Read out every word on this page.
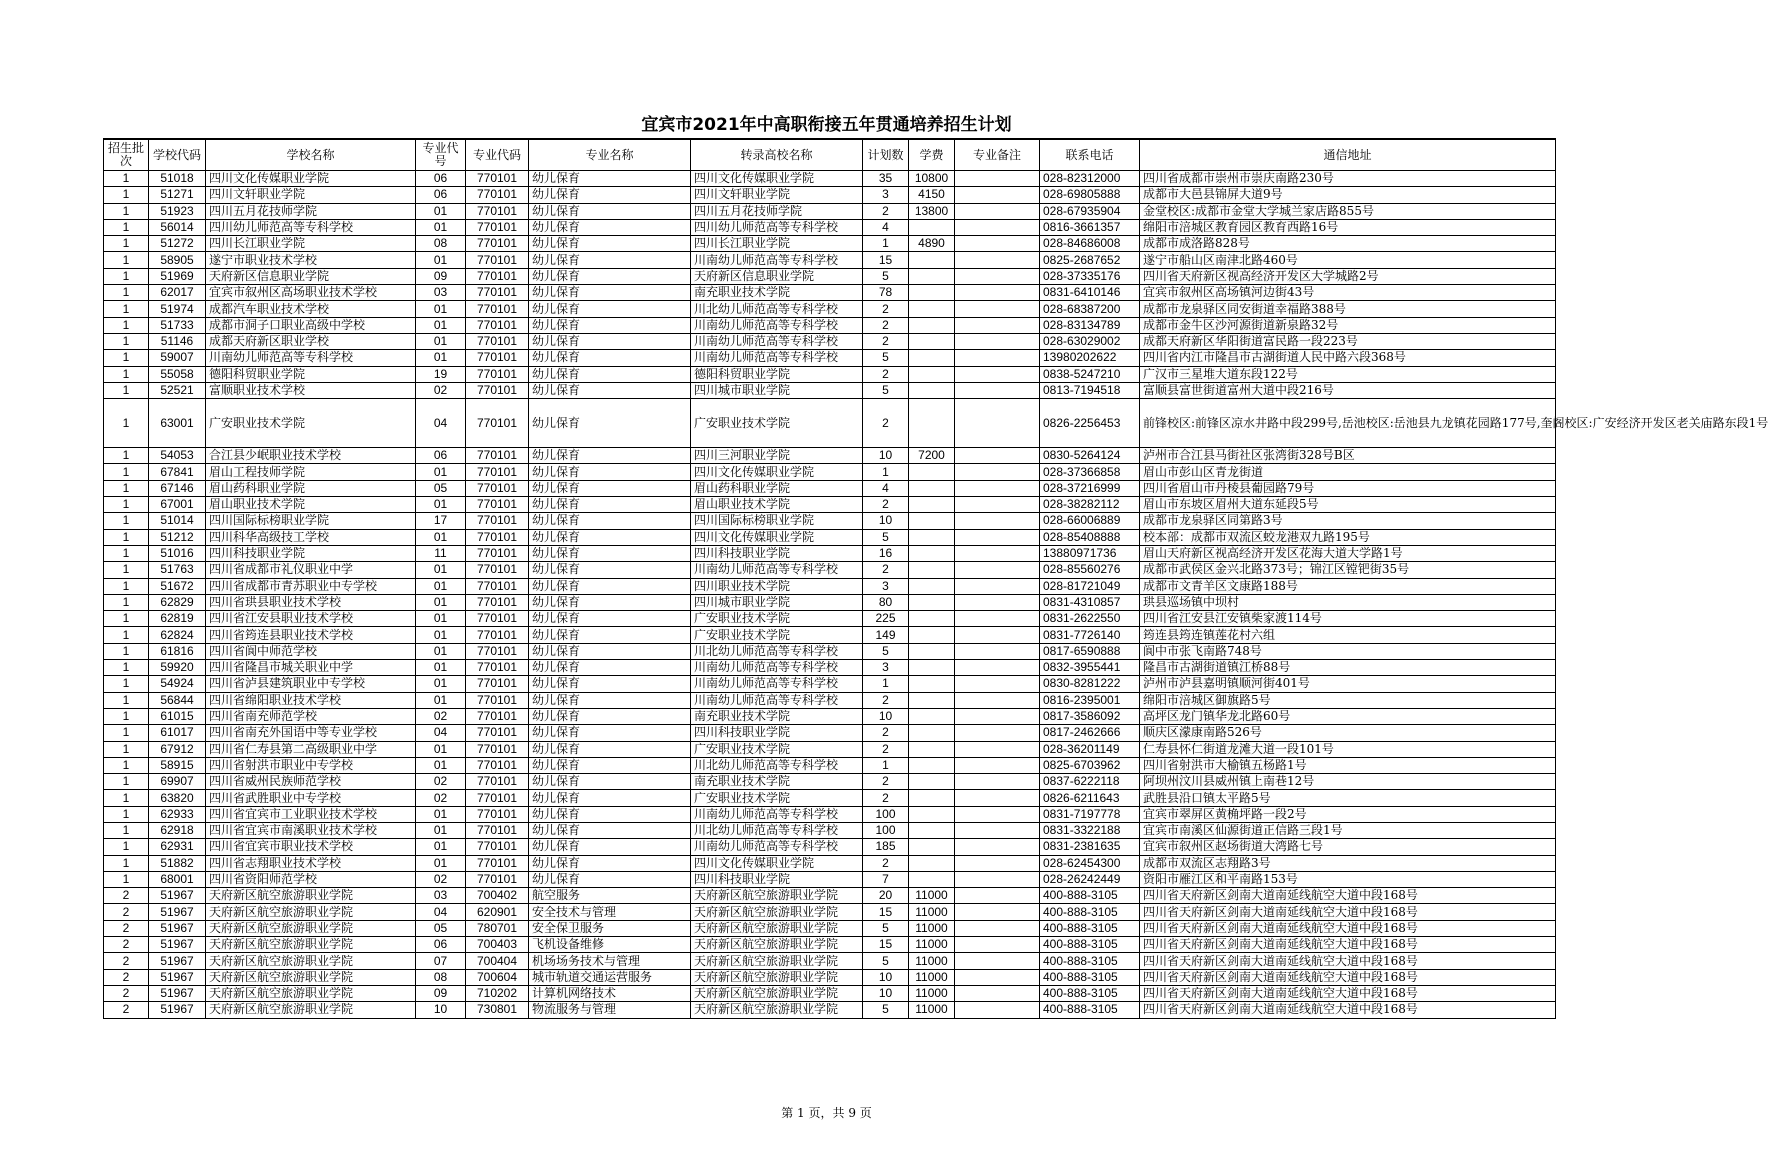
宜宾市2021年中高职衔接五年贯通培养招生计划
招生批次	学校代码	学校名称	专业代号	专业代码	专业名称	转录高校名称	计划数	学费	专业备注	联系电话	通信地址
1	51018	四川文化传媒职业学院	06	770101	幼儿保育	四川文化传媒职业学院	35	10800		028-82312000	四川省成都市崇州市崇庆南路230号
1	51271	四川文轩职业学院	06	770101	幼儿保育	四川文轩职业学院	3	4150		028-69805888	成都市大邑县锦屏大道9号
1	51923	四川五月花技师学院	01	770101	幼儿保育	四川五月花技师学院	2	13800		028-67935904	金堂校区:成都市金堂大学城兰家店路855号
1	56014	四川幼儿师范高等专科学校	01	770101	幼儿保育	四川幼儿师范高等专科学校	4			0816-3661357	绵阳市涪城区教育园区教育西路16号
1	51272	四川长江职业学院	08	770101	幼儿保育	四川长江职业学院	1	4890		028-84686008	成都市成洛路828号
1	58905	遂宁市职业技术学校	01	770101	幼儿保育	川南幼儿师范高等专科学校	15			0825-2687652	遂宁市船山区南津北路460号
1	51969	天府新区信息职业学院	09	770101	幼儿保育	天府新区信息职业学院	5			028-37335176	四川省天府新区视高经济开发区大学城路2号
1	62017	宜宾市叙州区高场职业技术学校	03	770101	幼儿保育	南充职业技术学院	78			0831-6410146	宜宾市叙州区高场镇河边街43号
1	51974	成都汽车职业技术学校	01	770101	幼儿保育	川北幼儿师范高等专科学校	2			028-68387200	成都市龙泉驿区同安街道幸福路388号
1	51733	成都市洞子口职业高级中学校	01	770101	幼儿保育	川南幼儿师范高等专科学校	2			028-83134789	成都市金牛区沙河源街道新泉路32号
1	51146	成都天府新区职业学校	01	770101	幼儿保育	川南幼儿师范高等专科学校	2			028-63029002	成都天府新区华阳街道富民路一段223号
1	59007	川南幼儿师范高等专科学校	01	770101	幼儿保育	川南幼儿师范高等专科学校	5			13980202622	四川省内江市隆昌市古湖街道人民中路六段368号
1	55058	德阳科贸职业学院	19	770101	幼儿保育	德阳科贸职业学院	2			0838-5247210	广汉市三星堆大道东段122号
1	52521	富顺职业技术学校	02	770101	幼儿保育	四川城市职业学院	5			0813-7194518	富顺县富世街道富州大道中段216号
1	63001	广安职业技术学院	04	770101	幼儿保育	广安职业技术学院	2			0826-2256453	前锋校区:前锋区凉水井路中段299号,岳池校区:岳池县九龙镇花园路177号,奎阁校区:广安经济开发区老关庙路东段1号
1	54053	合江县少岷职业技术学校	06	770101	幼儿保育	四川三河职业学院	10	7200		0830-5264124	泸州市合江县马街社区张湾街328号B区
1	67841	眉山工程技师学院	01	770101	幼儿保育	四川文化传媒职业学院	1			028-37366858	眉山市彭山区青龙街道
1	67146	眉山药科职业学院	05	770101	幼儿保育	眉山药科职业学院	4			028-37216999	四川省眉山市丹棱县葡园路79号
1	67001	眉山职业技术学院	01	770101	幼儿保育	眉山职业技术学院	2			028-38282112	眉山市东坡区眉州大道东延段5号
1	51014	四川国际标榜职业学院	17	770101	幼儿保育	四川国际标榜职业学院	10			028-66006889	成都市龙泉驿区同第路3号
1	51212	四川科华高级技工学校	01	770101	幼儿保育	四川文化传媒职业学院	5			028-85408888	校本部：成都市双流区蛟龙港双九路195号
1	51016	四川科技职业学院	11	770101	幼儿保育	四川科技职业学院	16			13880971736	眉山天府新区视高经济开发区花海大道大学路1号
1	51763	四川省成都市礼仪职业中学	01	770101	幼儿保育	川南幼儿师范高等专科学校	2			028-85560276	成都市武侯区金兴北路373号；锦江区镗钯街35号
1	51672	四川省成都市青苏职业中专学校	01	770101	幼儿保育	四川职业技术学院	3			028-81721049	成都市文青羊区文康路188号
1	62829	四川省珙县职业技术学校	01	770101	幼儿保育	四川城市职业学院	80			0831-4310857	珙县巡场镇中坝村
1	62819	四川省江安县职业技术学校	01	770101	幼儿保育	广安职业技术学院	225			0831-2622550	四川省江安县江安镇柴家渡114号
1	62824	四川省筠连县职业技术学校	01	770101	幼儿保育	广安职业技术学院	149			0831-7726140	筠连县筠连镇莲花村六组
1	61816	四川省阆中师范学校	01	770101	幼儿保育	川北幼儿师范高等专科学校	5			0817-6590888	阆中市张飞南路748号
1	59920	四川省隆昌市城关职业中学	01	770101	幼儿保育	川南幼儿师范高等专科学校	3			0832-3955441	隆昌市古湖街道镇江桥88号
1	54924	四川省泸县建筑职业中专学校	01	770101	幼儿保育	川南幼儿师范高等专科学校	1			0830-8281222	泸州市泸县嘉明镇顺河街401号
1	56844	四川省绵阳职业技术学校	01	770101	幼儿保育	川南幼儿师范高等专科学校	2			0816-2395001	绵阳市涪城区御旗路5号
1	61015	四川省南充师范学校	02	770101	幼儿保育	南充职业技术学院	10			0817-3586092	高坪区龙门镇华龙北路60号
1	61017	四川省南充外国语中等专业学校	04	770101	幼儿保育	四川科技职业学院	2			0817-2462666	顺庆区濛康南路526号
1	67912	四川省仁寿县第二高级职业中学	01	770101	幼儿保育	广安职业技术学院	2			028-36201149	仁寿县怀仁街道龙滩大道一段101号
1	58915	四川省射洪市职业中专学校	01	770101	幼儿保育	川北幼儿师范高等专科学校	1			0825-6703962	四川省射洪市大榆镇五杨路1号
1	69907	四川省威州民族师范学校	02	770101	幼儿保育	南充职业技术学院	2			0837-6222118	阿坝州汶川县威州镇上南巷12号
1	63820	四川省武胜职业中专学校	02	770101	幼儿保育	广安职业技术学院	2			0826-6211643	武胜县沿口镇太平路5号
1	62933	四川省宜宾市工业职业技术学校	01	770101	幼儿保育	川南幼儿师范高等专科学校	100			0831-7197778	宜宾市翠屏区黄桷坪路一段2号
1	62918	四川省宜宾市南溪职业技术学校	01	770101	幼儿保育	川北幼儿师范高等专科学校	100			0831-3322188	宜宾市南溪区仙源街道正信路三段1号
1	62931	四川省宜宾市职业技术学校	01	770101	幼儿保育	川南幼儿师范高等专科学校	185			0831-2381635	宜宾市叙州区赵场街道大湾路七号
1	51882	四川省志翔职业技术学校	01	770101	幼儿保育	四川文化传媒职业学院	2			028-62454300	成都市双流区志翔路3号
1	68001	四川省资阳师范学校	02	770101	幼儿保育	四川科技职业学院	7			028-26242449	资阳市雁江区和平南路153号
2	51967	天府新区航空旅游职业学院	03	700402	航空服务	天府新区航空旅游职业学院	20	11000		400-888-3105	四川省天府新区剑南大道南延线航空大道中段168号
2	51967	天府新区航空旅游职业学院	04	620901	安全技术与管理	天府新区航空旅游职业学院	15	11000		400-888-3105	四川省天府新区剑南大道南延线航空大道中段168号
2	51967	天府新区航空旅游职业学院	05	780701	安全保卫服务	天府新区航空旅游职业学院	5	11000		400-888-3105	四川省天府新区剑南大道南延线航空大道中段168号
2	51967	天府新区航空旅游职业学院	06	700403	飞机设备维修	天府新区航空旅游职业学院	15	11000		400-888-3105	四川省天府新区剑南大道南延线航空大道中段168号
2	51967	天府新区航空旅游职业学院	07	700404	机场场务技术与管理	天府新区航空旅游职业学院	5	11000		400-888-3105	四川省天府新区剑南大道南延线航空大道中段168号
2	51967	天府新区航空旅游职业学院	08	700604	城市轨道交通运营服务	天府新区航空旅游职业学院	10	11000		400-888-3105	四川省天府新区剑南大道南延线航空大道中段168号
2	51967	天府新区航空旅游职业学院	09	710202	计算机网络技术	天府新区航空旅游职业学院	10	11000		400-888-3105	四川省天府新区剑南大道南延线航空大道中段168号
2	51967	天府新区航空旅游职业学院	10	730801	物流服务与管理	天府新区航空旅游职业学院	5	11000		400-888-3105	四川省天府新区剑南大道南延线航空大道中段168号
第 1 页，共 9 页
